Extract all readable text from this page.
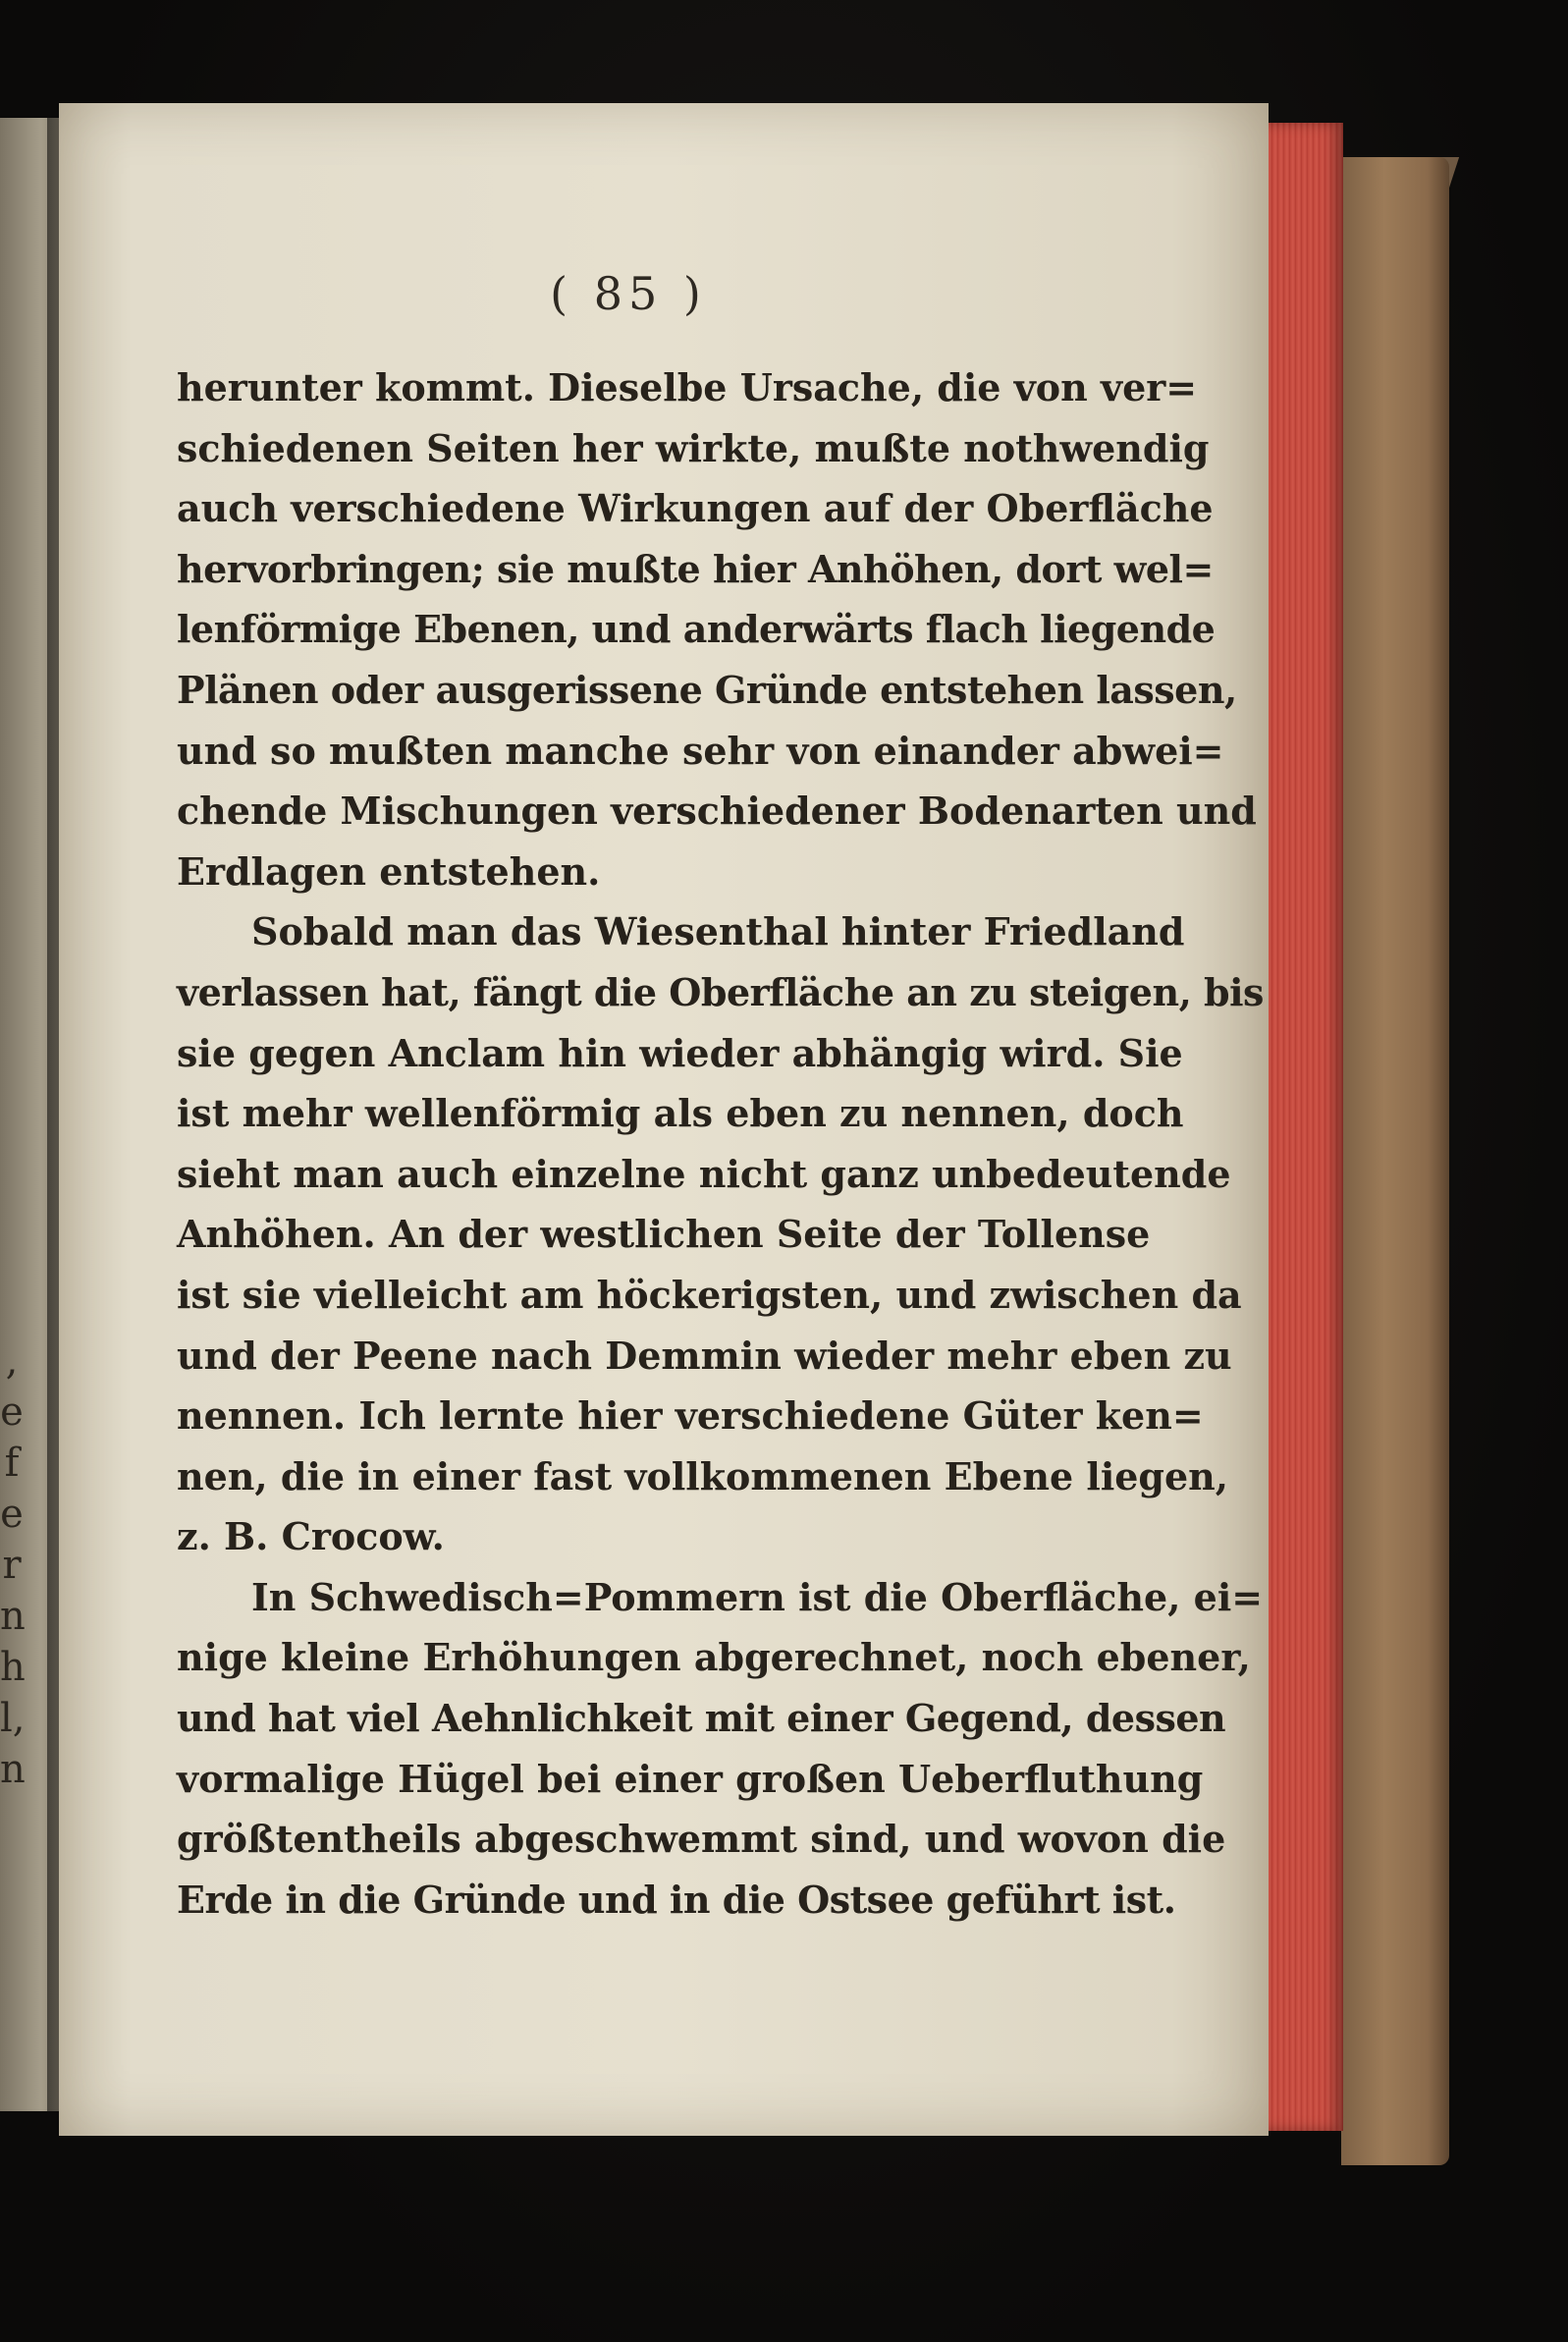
,
e
f
e
r
n
h
l,
n
( 85 )
herunter kommt. Dieselbe Ursache, die von ver=
schiedenen Seiten her wirkte, mußte nothwendig
auch verschiedene Wirkungen auf der Oberfläche
hervorbringen; sie mußte hier Anhöhen, dort wel=
lenförmige Ebenen, und anderwärts flach liegende
Plänen oder ausgerissene Gründe entstehen lassen,
und so mußten manche sehr von einander abwei=
chende Mischungen verschiedener Bodenarten und
Erdlagen entstehen.
Sobald man das Wiesenthal hinter Friedland
verlassen hat, fängt die Oberfläche an zu steigen, bis
sie gegen Anclam hin wieder abhängig wird. Sie
ist mehr wellenförmig als eben zu nennen, doch
sieht man auch einzelne nicht ganz unbedeutende
Anhöhen. An der westlichen Seite der Tollense
ist sie vielleicht am höckerigsten, und zwischen da
und der Peene nach Demmin wieder mehr eben zu
nennen. Ich lernte hier verschiedene Güter ken=
nen, die in einer fast vollkommenen Ebene liegen,
z. B. Crocow.
In Schwedisch=Pommern ist die Oberfläche, ei=
nige kleine Erhöhungen abgerechnet, noch ebener,
und hat viel Aehnlichkeit mit einer Gegend, dessen
vormalige Hügel bei einer großen Ueberfluthung
größtentheils abgeschwemmt sind, und wovon die
Erde in die Gründe und in die Ostsee geführt ist.
